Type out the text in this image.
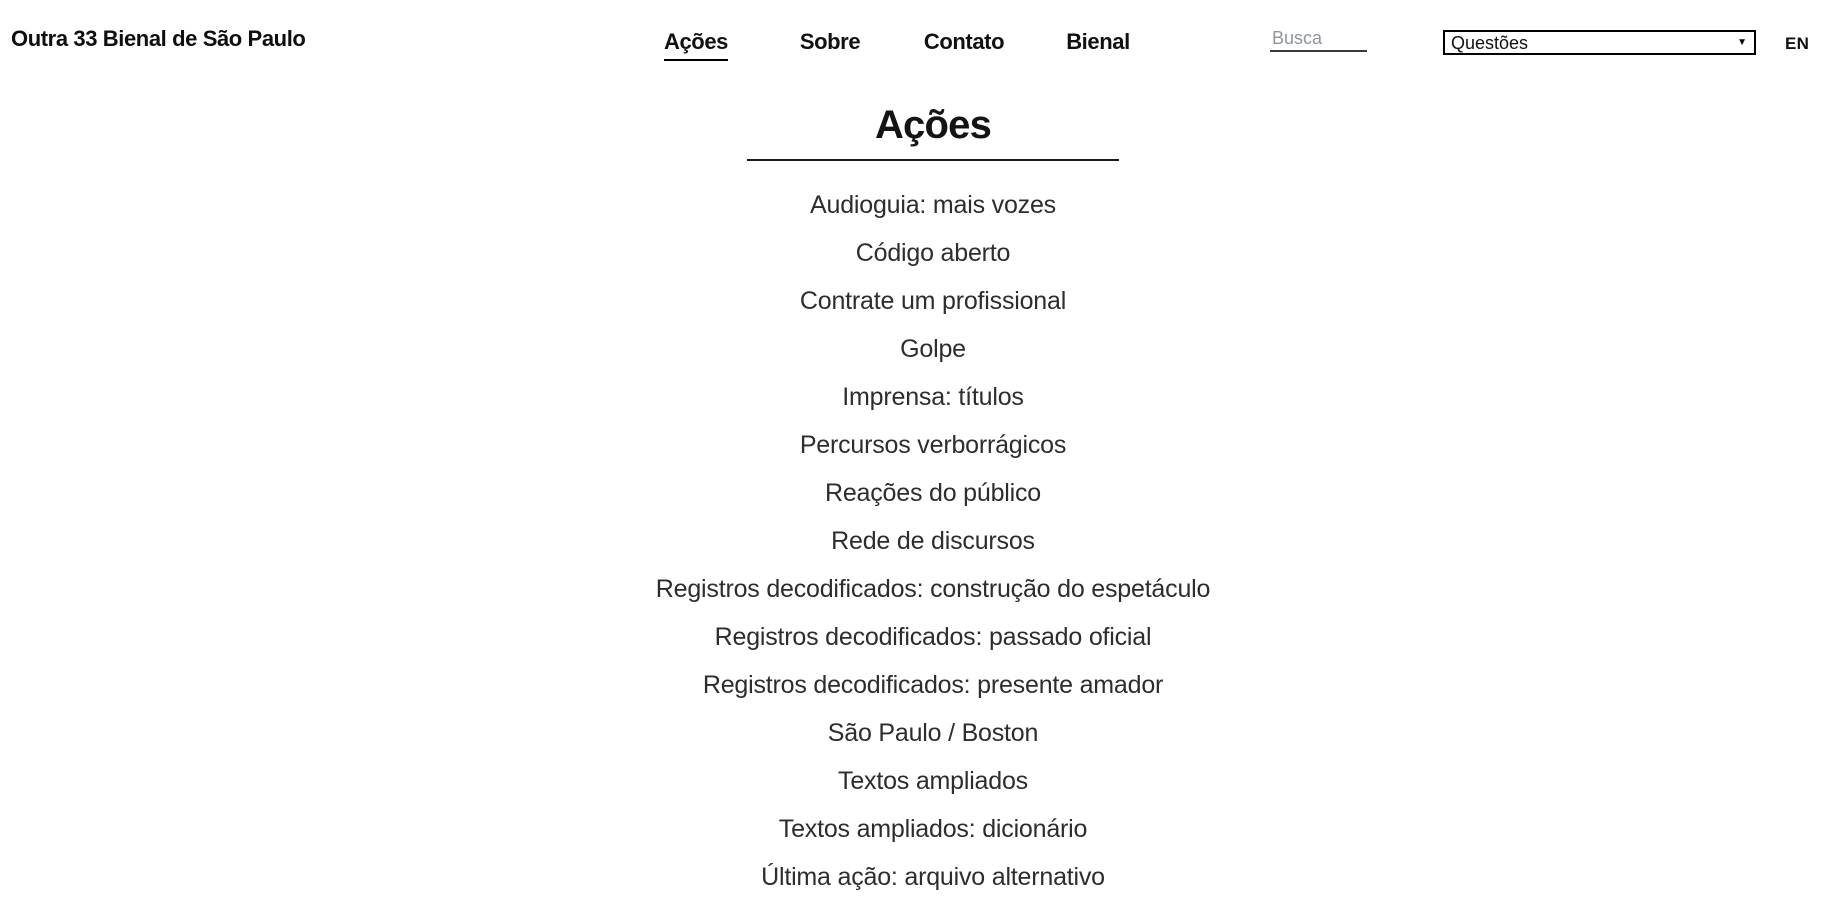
Outra 33 Bienal de São Paulo	Ações	Sobre	Contato	Bienal
Busca	Questões	▼ EN
Ações
Audioguia: mais vozes
Código aberto
Contrate um profissional
Golpe
Imprensa: títulos
Percursos verborrágicos
Reações do público
Rede de discursos
Registros decodificados: construção do espetáculo
Registros decodificados: passado oficial
Registros decodificados: presente amador
São Paulo / Boston
Textos ampliados
Textos ampliados: dicionário
Última ação: arquivo alternativo
